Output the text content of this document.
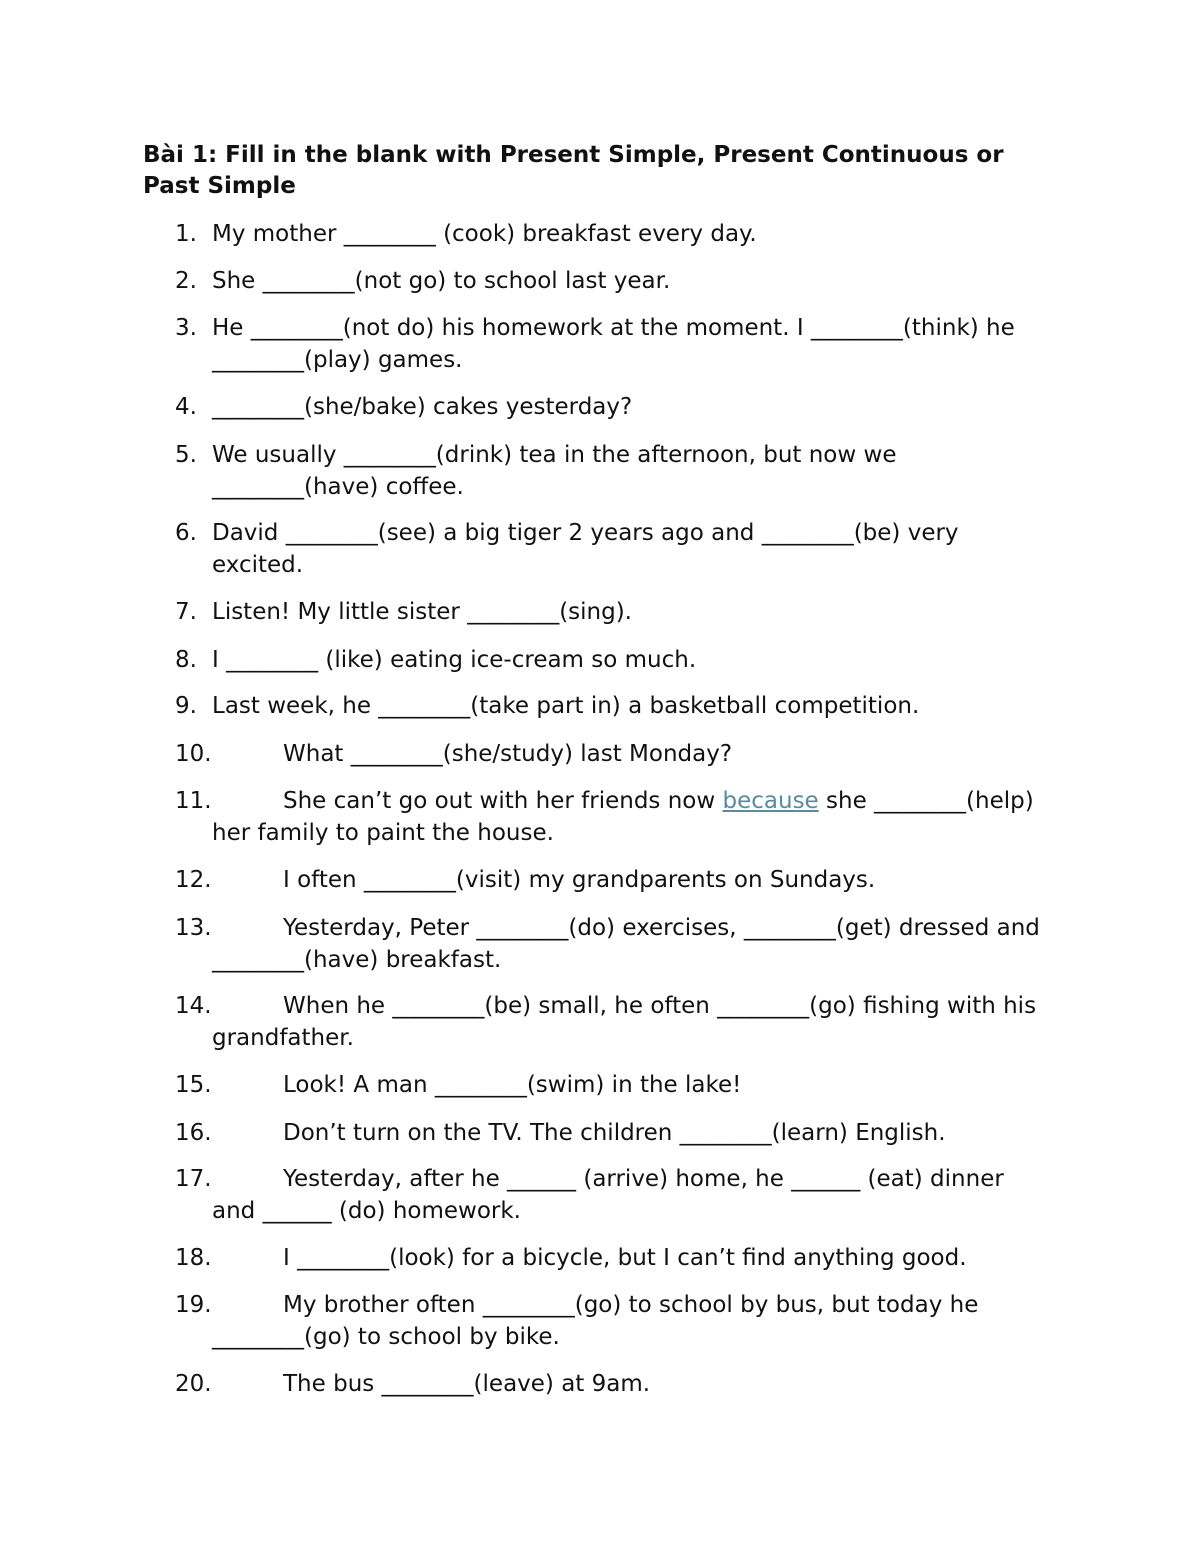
Bài 1: Fill in the blank with Present Simple, Present Continuous or
Past Simple
1. My mother ________ (cook) breakfast every day.
2. She ________(not go) to school last year.
3. He ________(not do) his homework at the moment. I ________(think) he
________(play) games.
4. ________(she/bake) cakes yesterday?
5. We usually ________(drink) tea in the afternoon, but now we
________(have) coffee.
6. David ________(see) a big tiger 2 years ago and ________(be) very
excited.
7. Listen! My little sister ________(sing).
8. I ________ (like) eating ice-cream so much.
9. Last week, he ________(take part in) a basketball competition.
10.	What ________(she/study) last Monday?
11.	She can’t go out with her friends now because she ________(help)
her family to paint the house.
12.	I often ________(visit) my grandparents on Sundays.
13.	Yesterday, Peter ________(do) exercises, ________(get) dressed and
________(have) breakfast.
14.	When he ________(be) small, he often ________(go) fishing with his
grandfather.
15.	Look! A man ________(swim) in the lake!
16.	Don’t turn on the TV. The children ________(learn) English.
17.	Yesterday, after he ______ (arrive) home, he ______ (eat) dinner
and ______ (do) homework.
18.	I ________(look) for a bicycle, but I can’t find anything good.
19.	My brother often ________(go) to school by bus, but today he
________(go) to school by bike.
20.	The bus ________(leave) at 9am.
